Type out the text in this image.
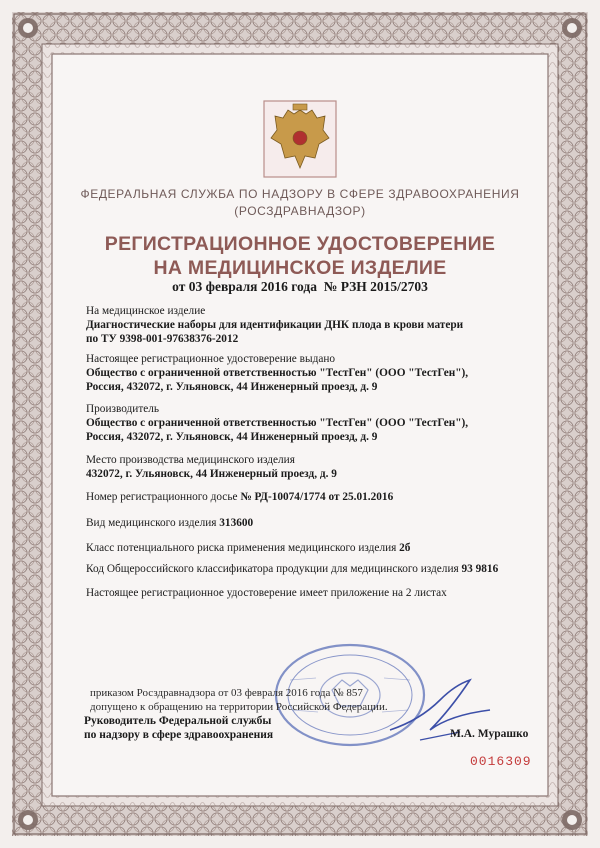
ФЕДЕРАЛЬНАЯ СЛУЖБА ПО НАДЗОРУ В СФЕРЕ ЗДРАВООХРАНЕНИЯ
(РОСЗДРАВНАДЗОР)
РЕГИСТРАЦИОННОЕ УДОСТОВЕРЕНИЕ
НА МЕДИЦИНСКОЕ ИЗДЕЛИЕ
от 03 февраля 2016 года № РЗН 2015/2703
На медицинское изделие
Диагностические наборы для идентификации ДНК плода в крови матери
по ТУ 9398-001-97638376-2012
Настоящее регистрационное удостоверение выдано
Общество с ограниченной ответственностью "ТестГен" (ООО "ТестГен"),
Россия, 432072, г. Ульяновск, 44 Инженерный проезд, д. 9
Производитель
Общество с ограниченной ответственностью "ТестГен" (ООО "ТестГен"),
Россия, 432072, г. Ульяновск, 44 Инженерный проезд, д. 9
Место производства медицинского изделия
432072, г. Ульяновск, 44 Инженерный проезд, д. 9
Номер регистрационного досье № РД-10074/1774 от 25.01.2016
Вид медицинского изделия 313600
Класс потенциального риска применения медицинского изделия 2б
Код Общероссийского классификатора продукции для медицинского изделия 93 9816
Настоящее регистрационное удостоверение имеет приложение на 2 листах
приказом Росздравнадзора от 03 февраля 2016 года № 857
допущено к обращению на территории Российской Федерации.
Руководитель Федеральной службы
по надзору в сфере здравоохранения	М.А. Мурашко
0016309
